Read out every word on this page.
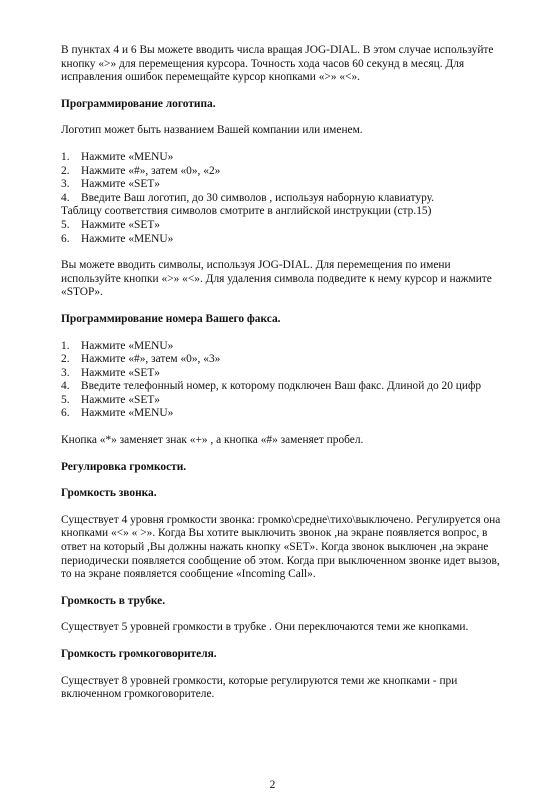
В пунктах 4 и 6 Вы можете вводить числа вращая JOG-DIAL. В этом случае используйте кнопку «>» для перемещения курсора. Точность хода часов 60 секунд в месяц. Для исправления ошибок перемещайте курсор кнопками «>» «<».

Программирование логотипа.

Логотип может быть названием Вашей компании или именем.

1. Нажмите «MENU»
2. Нажмите «#», затем «0», «2»
3. Нажмите «SET»
4. Введите Ваш логотип, до 30 символов , используя наборную клавиатуру.

Таблицу соответствия символов смотрите в английской инструкции (стр.15)

5. Нажмите «SET»
6. Нажмите «MENU»

Вы можете вводить символы, используя JOG-DIAL. Для перемещения по имени используйте кнопки «>» «<». Для удаления символа подведите к нему курсор и нажмите «STOP».

Программирование номера Вашего факса.

1. Нажмите «MENU»
2. Нажмите «#», затем «0», «3»
3. Нажмите «SET»
4. Введите телефонный номер, к которому подключен Ваш факс. Длиной до 20 цифр
5. Нажмите «SET»
6. Нажмите «MENU»

Кнопка «*» заменяет знак «+» , а кнопка «#» заменяет пробел.

Регулировка громкости.

Громкость звонка.

Существует 4 уровня громкости звонка: громко\средне\тихо\выключено. Регулируется она кнопками «<» « >». Когда Вы хотите выключить звонок ,на экране появляется вопрос, в ответ на который ,Вы должны нажать кнопку «SET». Когда звонок выключен ,на экране периодически появляется сообщение об этом. Когда при выключенном звонке идет вызов, то на экране появляется сообщение «Incoming Call».

Громкость в трубке.

Существует 5 уровней громкости в трубке . Они переключаются теми же кнопками.

Громкость громкоговорителя.

Существует 8 уровней громкости, которые регулируются теми же кнопками - при включенном громкоговорителе.

2
